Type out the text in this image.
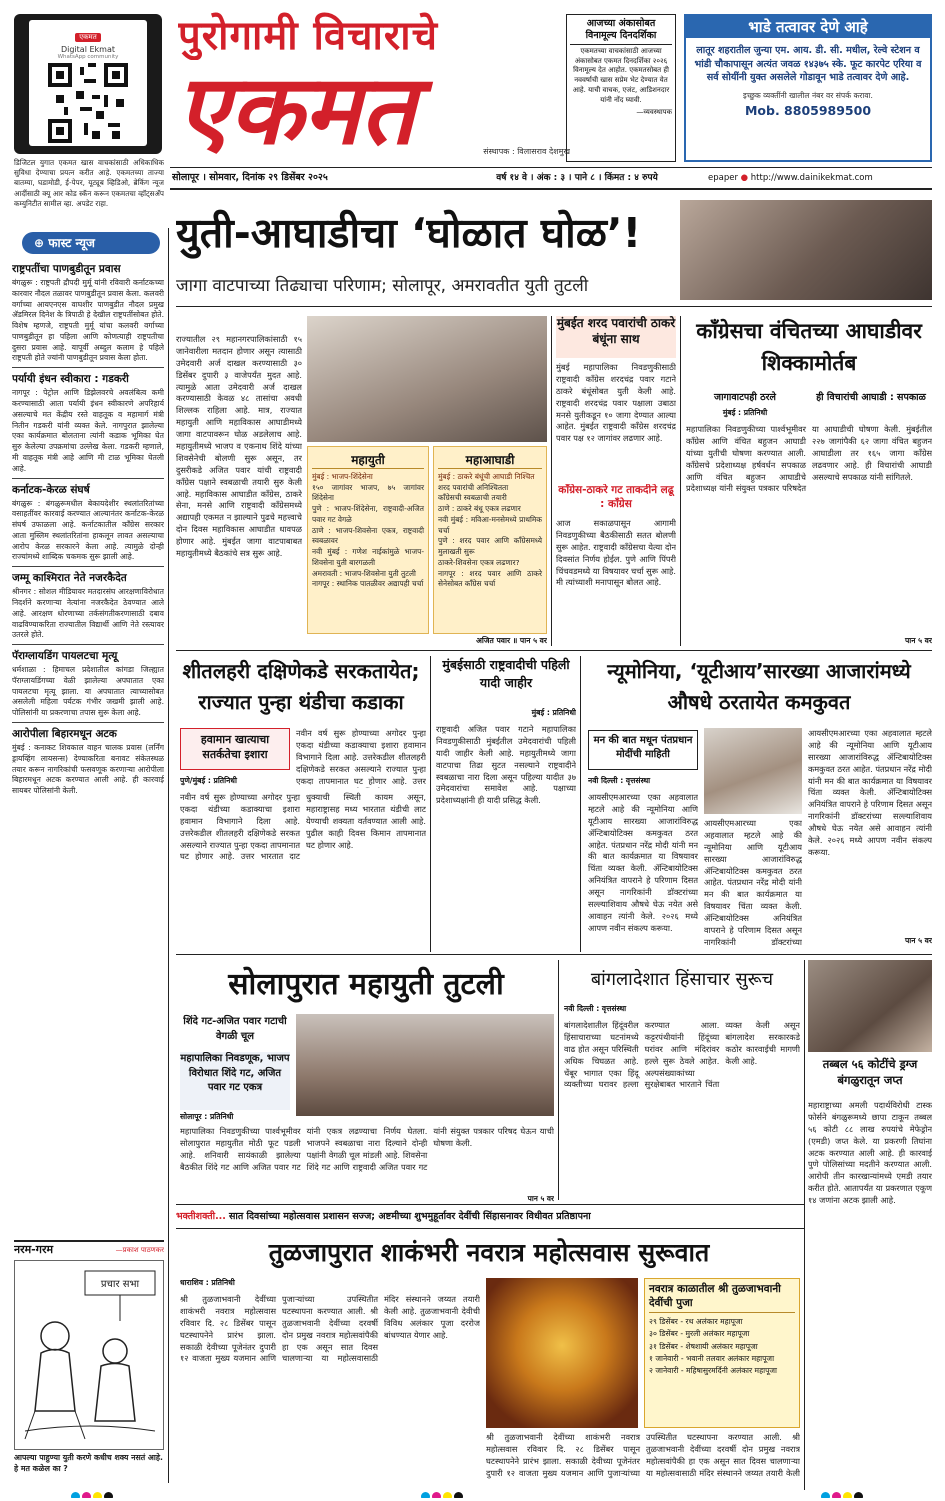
एकमत
Digital Ekmat
WhatsApp community
डिजिटल युगात एकमत खास वाचकांसाठी अधिकाधिक सुविधा देण्याचा प्रयत्न करीत आहे. एकमतच्या ताज्या बातम्या, घडामोडी, ई-पेपर, यूट्यूब व्हिडिओ, ब्रेकिंग न्यूज आदींसाठी क्यू आर कोड स्कॅन करून एकमतचा व्हॉट्सअ‍ॅप कम्युनिटीत सामील व्हा. अपडेट राहा.
पुरोगामी विचाराचे
एकमत	संस्थापक : विलासराव देशमुख
आजच्या अंकासोबत विनामूल्य दिनदर्शिका
एकमतच्या वाचकांसाठी आजच्या अंकासोबत एकमत दिनदर्शिका २०२६ विनामूल्य देत आहोत. एकमतसोबत ही नववर्षाची खास सप्रेम भेट देण्यात येत आहे. याची वाचक, एजंट, आडिशनदार यांनी नोंद घ्यावी.
—व्यवस्थापक
भाडे तत्वावर देणे आहे
लातूर शहरातील जुन्या एम. आय. डी. सी. मधील, रेल्वे स्टेशन व भांडी चौकापासून अत्यंत जवळ १४३७५ स्के. फूट कारपेट एरिया व सर्व सोयींनी युक्त असलेले गोडावून भाडे तत्वावर देणे आहे.
इच्छुक व्यक्तींनी खालील नंबर वर संपर्क करावा.
Mob. 8805989500
सोलापूर । सोमवार, दिनांक २९ डिसेंबर २०२५	वर्ष १४ वे । अंक : ३ । पाने ८ । किंमत : ४ रुपये	epaper ● http://www.dainikekmat.com
⊕ फास्ट न्यूज
राष्ट्रपतींचा पाणबुडीतून प्रवास
बंगळुरू : राष्ट्रपती द्रौपदी मुर्मू यांनी रविवारी कर्नाटकच्या कारवार नौदल तळावर पाणबुडीतून प्रवास केला. कलवरी वर्गाच्या आयएनएस वाघशीर पाणबुडीत नौदल प्रमुख ॲडमिरल दिनेश के त्रिपाठी हे देखील राष्ट्रपतींसोबत होते. विशेष म्हणजे, राष्ट्रपती मुर्मू यांचा कलवरी वर्गाच्या पाणबुडीतून हा पहिला आणि कोणत्याही राष्ट्रपतीचा दुसरा प्रवास आहे. यापूर्वी अब्दुल कलाम हे पहिले राष्ट्रपती होते ज्यांनी पाणबुडीतून प्रवास केला होता.
पर्यायी इंधन स्वीकारा : गडकरी
नागपूर : पेट्रोल आणि डिझेलवरचे अवलंबित्व कमी करण्यासाठी आता पर्यायी इंधन स्वीकारणे अपरिहार्य असल्याचे मत केंद्रीय रस्ते वाहतूक व महामार्ग मंत्री नितीन गडकरी यांनी व्यक्त केले. नागपुरात झालेल्या एका कार्यक्रमात बोलताना त्यांनी कडाक भूमिका घेत सुरु केलेल्या उपक्रमांचा उल्लेख केला. गडकरी म्हणाले, मी वाहतूक मंत्री आहे आणि मी टाळ भूमिका घेतली आहे.
कर्नाटक-केरळ संघर्ष
बंगळुरू : बंगळुरूमधील बेकायदेशीर स्थलांतरितांच्या वसाहतींवर कारवाई करण्यात आल्यानंतर कर्नाटक-केरळ संघर्ष उफाळला आहे. कर्नाटकातील काँग्रेस सरकार आता मुस्लिम स्थलांतरितांना हाकलून लावत असल्याचा आरोप केरळ सरकारने केला आहे. त्यामुळे दोन्ही राज्यांमध्ये शाब्दिक चकमक सुरू झाली आहे.
जम्मू काश्मिरात नेते नजरकैदेत
श्रीनगर : सोशल मीडियावर मतदारसंघ आरक्षणाविरोधात निदर्शने करणाऱ्या नेत्यांना नजरकैदेत ठेवण्यात आले आहे. आरक्षण धोरणाच्या तर्कसंगतीकरणासाठी दबाव वाढविण्याकरिता राज्यातील विद्यार्थी आणि नेते रस्त्यावर उतरले होते.
पॅराग्लायडिंग पायलटचा मृत्यू
धर्मशाळा : हिमाचल प्रदेशातील कांगडा जिल्ह्यात पॅराग्लायडिंगच्या वेळी झालेल्या अपघातात एका पायलटचा मृत्यू झाला. या अपघातात त्याच्यासोबत असलेली महिला पर्यटक गंभीर जखमी झाली आहे. पोलिसांनी या प्रकरणाचा तपास सुरू केला आहे.
आरोपीला बिहारमधून अटक
मुंबई : कनाकट शिवकाल वाहन चालक प्रवास (लर्निंग ड्रायव्हिंग लायसन्स) देण्याकरिता बनावट संकेतस्थळ तयार करून नागरिकांची फसवणूक करणाऱ्या आरोपीला बिहारमधून अटक करण्यात आली आहे. ही कारवाई सायबर पोलिसांनी केली.
नरम-गरम	—प्रकाश पाठणकर
प्रचार सभा
आपल्या पाहुण्या युती करणे कधीच शक्य नसतं आहे. हे मत कळेल का ?
युती-आघाडीचा ‘घोळात घोळ’!
जागा वाटपाच्या तिढ्याचा परिणाम; सोलापूर, अमरावतीत युती तुटली
राज्यातील २९ महानगरपालिकांसाठी १५ जानेवारीला मतदान होणार असून त्यासाठी उमेदवारी अर्ज दाखल करण्यासाठी ३० डिसेंबर दुपारी ३ वाजेपर्यंत मुदत आहे. त्यामुळे आता उमेदवारी अर्ज दाखल करण्यासाठी केवळ ४८ तासांचा अवधी शिल्लक राहिला आहे. मात्र, राज्यात महायुती आणि महाविकास आघाडीमध्ये जागा वाटपावरून घोळ अडलेलाच आहे. महायुतीमध्ये भाजप व एकनाथ शिंदे यांच्या शिवसेनेची बोलणी सुरू असून, तर दुसरीकडे अजित पवार यांची राष्ट्रवादी काँग्रेस पक्षाने स्वबळाची तयारी सुरु केली आहे. महाविकास आघाडीत काँग्रेस, ठाकरे सेना, मनसे आणि राष्ट्रवादी काँग्रेसमध्ये अद्यापही एकमत न झाल्याने पुढचे महत्त्वाचे दोन दिवस महाविकास आघाडीत धावपळ होणार आहे. मुंबईत जागा वाटपाबाबत महायुतीमध्ये बैठकांचे सत्र सुरू आहे.
महायुती
मुंबई : भाजप-शिंदेसेना
१५० जागांवर भाजप, ७५ जागांवर शिंदेसेना
पुणे : भाजप-शिंदेसेना, राष्ट्रवादी-अजित पवार गट वेगळे
ठाणे : भाजप-शिवसेना एकत्र, राष्ट्रवादी स्वबळावर
नवी मुंबई : गणेश नाईकांमुळे भाजप-शिवसेना युती बारगळली
अमरावती : भाजप-शिवसेना युती तुटली
नागपूर : स्थानिक पातळीवर अद्यापही चर्चा
महाआघाडी
मुंबई : ठाकरे बंधूंची आघाडी निश्चित
शरद पवारांची अनिश्चितता
काँग्रेसची स्वबळाची तयारी
ठाणे : ठाकरे बंधू एकत्र लढणार
नवी मुंबई : मविआ-मनसेमध्ये प्राथमिक चर्चा
पुणे : शरद पवार आणि काँग्रेसमध्ये मुलाखती सुरू
ठाकरे-शिवसेना एकत्र लढणार?
नागपूर : शरद पवार आणि ठाकरे सेनेसोबत काँग्रेस चर्चा
अजित पवार ॥ पान ५ वर
मुंबईत शरद पवारांची ठाकरे बंधूंना साथ
मुंबई महापालिका निवडणुकीसाठी राष्ट्रवादी काँग्रेस शरदचंद्र पवार गटाने ठाकरे बंधूंसोबत युती केली आहे. राष्ट्रवादी शरदचंद्र पवार पक्षाला उबाठा मनसे युतीकडून १० जागा देण्यात आल्या आहेत. मुंबईत राष्ट्रवादी काँग्रेस शरदचंद्र पवार पक्ष १२ जागांवर लढणार आहे.
काँग्रेस-ठाकरे गट ताकदीने लढू : काँग्रेस
आज सकाळपासून आगामी निवडणुकीच्या बैठकीसाठी सतत बोलणी सुरू आहेत. राष्ट्रवादी काँग्रेसचा येत्या दोन दिवसांत निर्णय होईल. पुणे आणि पिंपरी चिंचवडमध्ये या विषयावर चर्चा सुरू आहे. मी त्यांच्याशी मनापासून बोलत आहे.
काँग्रेसचा वंचितच्या आघाडीवर शिक्कामोर्तब
जागावाटपही ठरले	ही विचारांची आघाडी : सपकाळ
मुंबई : प्रतिनिधी
महापालिका निवडणुकीच्या पार्श्वभूमीवर काँग्रेस आणि वंचित बहुजन आघाडी यांच्या युतीची घोषणा करण्यात आली. काँग्रेसचे प्रदेशाध्यक्ष हर्षवर्धन सपकाळ आणि वंचित बहुजन आघाडीचे प्रदेशाध्यक्ष यांनी संयुक्त पत्रकार परिषदेत या आघाडीची घोषणा केली. मुंबईतील २२७ जागांपैकी ६२ जागा वंचित बहुजन आघाडीला तर १६५ जागा काँग्रेस लढवणार आहे. ही विचारांची आघाडी असल्याचे सपकाळ यांनी सांगितले.
पान ५ वर
शीतलहरी दक्षिणेकडे सरकतायेत; राज्यात पुन्हा थंडीचा कडाका
हवामान खात्याचा सतर्कतेचा इशारा
पुणे/मुंबई : प्रतिनिधी
नवीन वर्ष सुरू होण्याच्या अगोदर पुन्हा एकदा थंडीच्या कडाक्याचा इशारा हवामान विभागाने दिला आहे. उत्तरेकडील शीतलहरी दक्षिणेकडे सरकत असल्याने राज्यात पुन्हा एकदा तापमानात घट होणार आहे. उत्तर भारतात दाट धुक्याची स्थिती कायम असून, महाराष्ट्रासह मध्य भारतात थंडीची लाट येण्याची शक्यता वर्तवण्यात आली आहे. पुढील काही दिवस किमान तापमानात घट होणार आहे.
नवीन वर्ष सुरू होण्याच्या अगोदर पुन्हा एकदा थंडीच्या कडाक्याचा इशारा हवामान विभागाने दिला आहे. उत्तरेकडील शीतलहरी दक्षिणेकडे सरकत असल्याने राज्यात पुन्हा एकदा तापमानात घट होणार आहे. उत्तर
मुंबईसाठी राष्ट्रवादीची पहिली यादी जाहीर
मुंबई : प्रतिनिधी
राष्ट्रवादी अजित पवार गटाने महापालिका निवडणुकीसाठी मुंबईतील उमेदवारांची पहिली यादी जाहीर केली आहे. महायुतीमध्ये जागा वाटपाचा तिढा सुटत नसल्याने राष्ट्रवादीने स्वबळाचा नारा दिला असून पहिल्या यादीत ३७ उमेदवारांचा समावेश आहे. पक्षाच्या प्रदेशाध्यक्षांनी ही यादी प्रसिद्ध केली.
न्यूमोनिया, ‘यूटीआय’सारख्या आजारांमध्ये औषधे ठरतायेत कमकुवत
मन की बात मधून पंतप्रधान मोदींची माहिती
नवी दिल्ली : वृत्तसंस्था
आयसीएमआरच्या एका अहवालात म्हटले आहे की न्यूमोनिया आणि यूटीआय सारख्या आजारांविरुद्ध ॲन्टिबायोटिक्स कमकुवत ठरत आहेत. पंतप्रधान नरेंद्र मोदी यांनी मन की बात कार्यक्रमात या विषयावर चिंता व्यक्त केली. ॲन्टिबायोटिक्स अनियंत्रित वापराने हे परिणाम दिसत असून नागरिकांनी डॉक्टरांच्या सल्ल्याशिवाय औषधे घेऊ नयेत असे आवाहन त्यांनी केले. २०२६ मध्ये आपण नवीन संकल्प करूया.
आयसीएमआरच्या एका अहवालात म्हटले आहे की न्यूमोनिया आणि यूटीआय सारख्या आजारांविरुद्ध ॲन्टिबायोटिक्स कमकुवत ठरत आहेत. पंतप्रधान नरेंद्र मोदी यांनी मन की बात कार्यक्रमात या विषयावर चिंता व्यक्त केली. ॲन्टिबायोटिक्स अनियंत्रित वापराने हे परिणाम दिसत असून नागरिकांनी डॉक्टरांच्या
आयसीएमआरच्या एका अहवालात म्हटले आहे की न्यूमोनिया आणि यूटीआय सारख्या आजारांविरुद्ध ॲन्टिबायोटिक्स कमकुवत ठरत आहेत. पंतप्रधान नरेंद्र मोदी यांनी मन की बात कार्यक्रमात या विषयावर चिंता व्यक्त केली. ॲन्टिबायोटिक्स अनियंत्रित वापराने हे परिणाम दिसत असून नागरिकांनी डॉक्टरांच्या सल्ल्याशिवाय औषधे घेऊ नयेत असे आवाहन त्यांनी केले. २०२६ मध्ये आपण नवीन संकल्प करूया.
पान ५ वर
सोलापुरात महायुती तुटली
शिंदे गट-अजित पवार गटाची वेगळी चूल
महापालिका निवडणूक, भाजप विरोधात शिंदे गट, अजित पवार गट एकत्र
सोलापूर : प्रतिनिधी
महापालिका निवडणुकीच्या पार्श्वभूमीवर सोलापुरात महायुतीत मोठी फूट पडली आहे. शनिवारी सायंकाळी झालेल्या बैठकीत शिंदे गट आणि अजित पवार गट यांनी एकत्र लढण्याचा निर्णय घेतला. भाजपने स्वबळाचा नारा दिल्याने दोन्ही पक्षांनी वेगळी चूल मांडली आहे. शिवसेना शिंदे गट आणि राष्ट्रवादी अजित पवार गट यांनी संयुक्त पत्रकार परिषद घेऊन याची घोषणा केली.
पान ५ वर
बांगलादेशात हिंसाचार सुरूच
नवी दिल्ली : वृत्तसंस्था
बांगलादेशातील हिंदूंवरील हिंसाचाराच्या घटनांमध्ये वाढ होत असून परिस्थिती अधिक चिघळत आहे. चेंबूर भागात एका हिंदू व्यक्तीच्या घरावर हल्ला करण्यात आला. कट्टरपंथीयांनी हिंदूंच्या घरांवर आणि मंदिरांवर हल्ले सुरू ठेवले आहेत. अल्पसंख्याकांच्या सुरक्षेबाबत भारताने चिंता व्यक्त केली असून बांगलादेश सरकारकडे कठोर कारवाईची मागणी केली आहे.	तब्बल ५६ कोटींचे ड्रग्ज बंगळुरातून जप्त
महाराष्ट्राच्या अमली पदार्थविरोधी टास्क फोर्सने बंगळुरूमध्ये छापा टाकून तब्बल ५६ कोटी ८८ लाख रुपयांचे मेफेड्रोन (एमडी) जप्त केले. या प्रकरणी तिघांना अटक करण्यात आली आहे. ही कारवाई पुणे पोलिसांच्या मदतीने करण्यात आली. आरोपी तीन कारखान्यांमध्ये एमडी तयार करीत होते. आतापर्यंत या प्रकरणात एकूण १४ जणांना अटक झाली आहे.
भक्तीशक्ती... सात दिवसांच्या महोत्सवास प्रशासन सज्ज; अष्टमीच्या शुभमुहूर्तावर देवींची सिंहासनावर विधीवत प्रतिष्ठापना
तुळजापुरात शाकंभरी नवरात्र महोत्सवास सुरूवात
धाराशिव : प्रतिनिधी
श्री तुळजाभवानी देवींच्या शाकंभरी नवरात्र महोत्सवास रविवार दि. २८ डिसेंबर पासून घटस्थापनेने प्रारंभ झाला. सकाळी देवीच्या पूजेनंतर दुपारी १२ वाजता मुख्य यजमान आणि पुजाऱ्यांच्या उपस्थितीत घटस्थापना करण्यात आली. श्री तुळजाभवानी देवींच्या दरवर्षी दोन प्रमुख नवरात्र महोत्सवांपैकी हा एक असून सात दिवस चालणाऱ्या या महोत्सवासाठी मंदिर संस्थानने जय्यत तयारी केली आहे. तुळजाभवानी देवीची विविध अलंकार पूजा दररोज बांधण्यात येणार आहे.
श्री तुळजाभवानी देवींच्या शाकंभरी नवरात्र महोत्सवास रविवार दि. २८ डिसेंबर पासून घटस्थापनेने प्रारंभ झाला. सकाळी देवीच्या पूजेनंतर दुपारी १२ वाजता मुख्य यजमान आणि पुजाऱ्यांच्या उपस्थितीत घटस्थापना करण्यात आली. श्री तुळजाभवानी देवींच्या दरवर्षी दोन प्रमुख नवरात्र महोत्सवांपैकी हा एक असून सात दिवस चालणाऱ्या या महोत्सवासाठी मंदिर संस्थानने जय्यत तयारी केली
नवरात्र काळातील श्री तुळजाभवानी देवींची पुजा
२९ डिसेंबर - रथ अलंकार महापूजा
३० डिसेंबर - मुरली अलंकार महापूजा
३१ डिसेंबर - शेषशायी अलंकार महापूजा
१ जानेवारी - भवानी तलवार अलंकार महापूजा
२ जानेवारी - महिषासुरमर्दिनी अलंकार महापूजा
